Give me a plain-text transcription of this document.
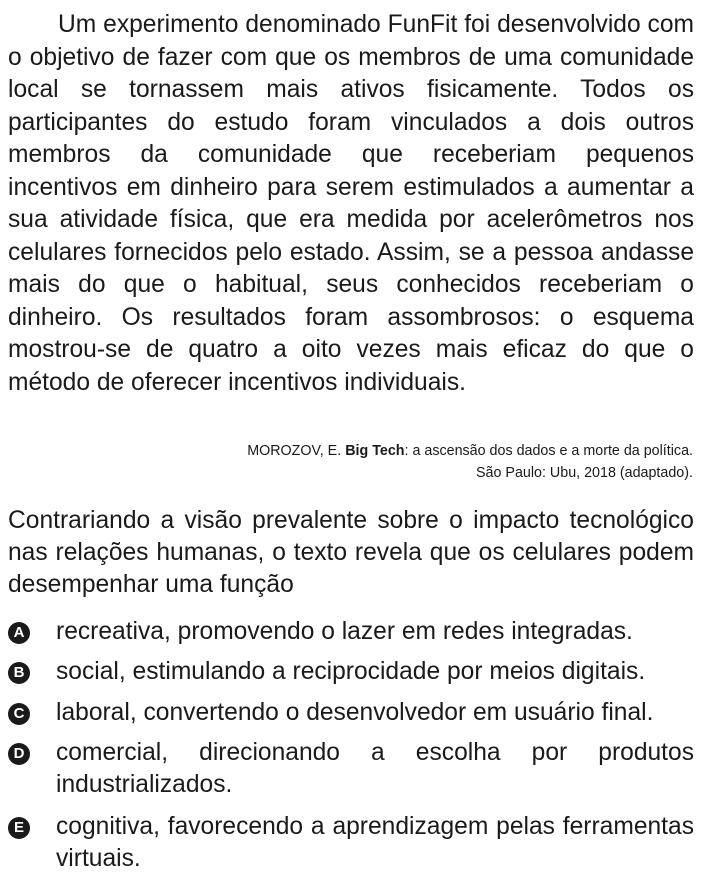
Um experimento denominado FunFit foi desenvolvido com o objetivo de fazer com que os membros de uma comunidade local se tornassem mais ativos fisicamente. Todos os participantes do estudo foram vinculados a dois outros membros da comunidade que receberiam pequenos incentivos em dinheiro para serem estimulados a aumentar a sua atividade física, que era medida por acelerômetros nos celulares fornecidos pelo estado. Assim, se a pessoa andasse mais do que o habitual, seus conhecidos receberiam o dinheiro. Os resultados foram assombrosos: o esquema mostrou-se de quatro a oito vezes mais eficaz do que o método de oferecer incentivos individuais.

MOROZOV, E. Big Tech: a ascensão dos dados e a morte da política.
São Paulo: Ubu, 2018 (adaptado).

Contrariando a visão prevalente sobre o impacto tecnológico nas relações humanas, o texto revela que os celulares podem desempenhar uma função

A recreativa, promovendo o lazer em redes integradas.
B social, estimulando a reciprocidade por meios digitais.
C laboral, convertendo o desenvolvedor em usuário final.
D comercial, direcionando a escolha por produtos industrializados.
E cognitiva, favorecendo a aprendizagem pelas ferramentas virtuais.
